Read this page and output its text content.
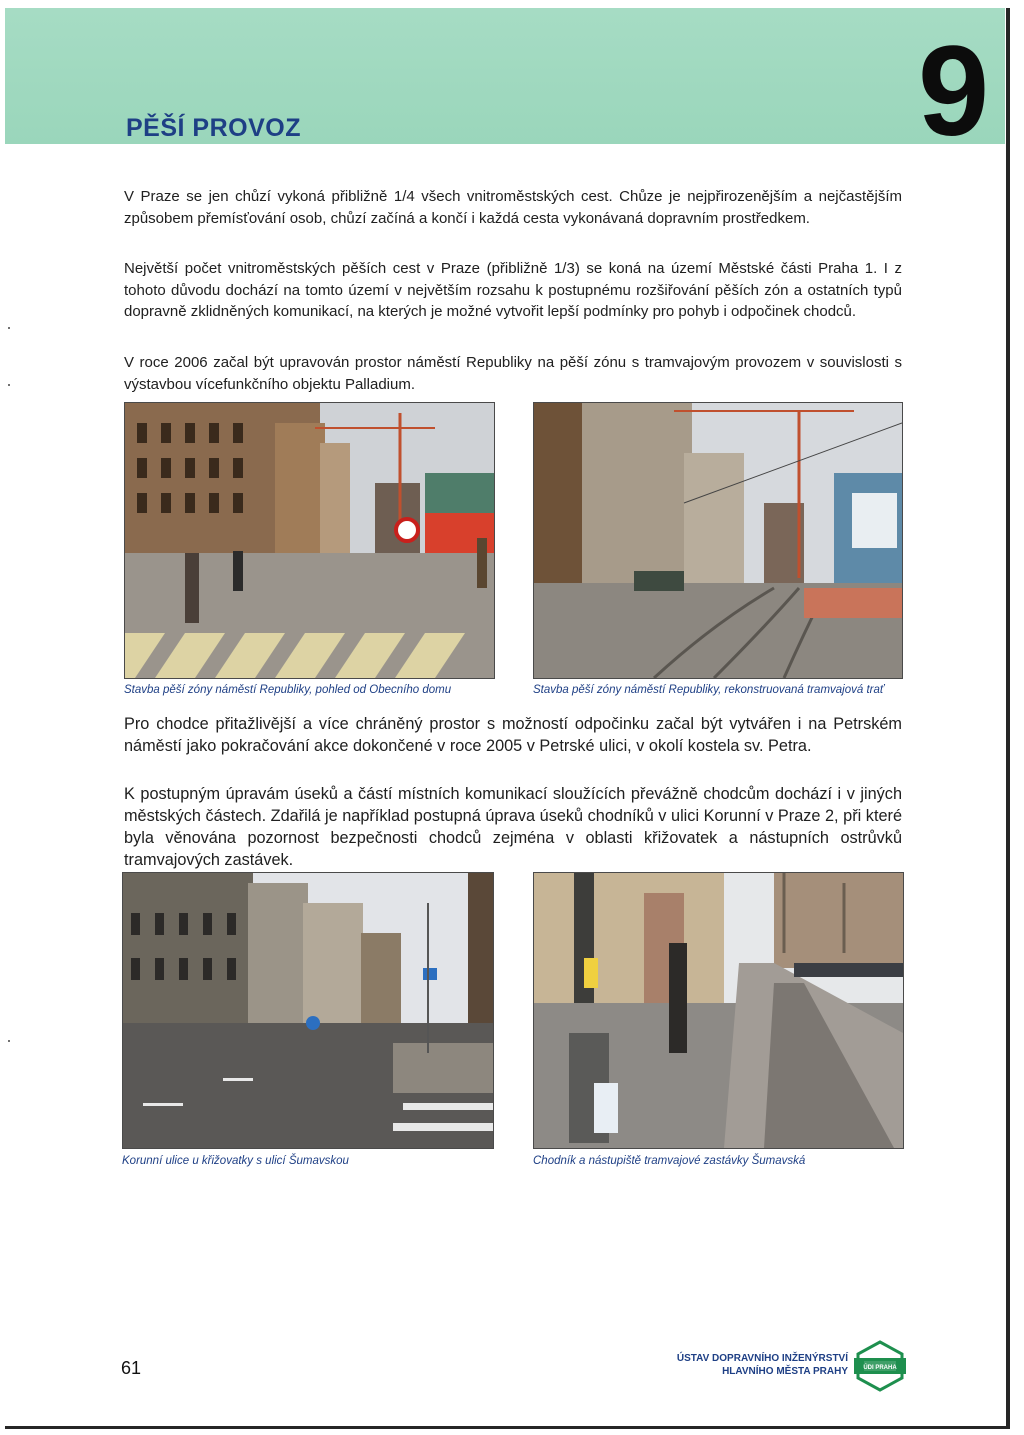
PĚŠÍ PROVOZ	9

V Praze se jen chůzí vykoná přibližně 1/4 všech vnitroměstských cest. Chůze je nejpřirozenějším a nejčastějším způsobem přemísťování osob, chůzí začíná a končí i každá cesta vykonávaná dopravním prostředkem.

Největší počet vnitroměstských pěších cest v Praze (přibližně 1/3) se koná na území Městské části Praha 1. I z tohoto důvodu dochází na tomto území v největším rozsahu k postupnému rozšiřování pěších zón a ostatních typů dopravně zklidněných komunikací, na kterých je možné vytvořit lepší podmínky pro pohyb i odpočinek chodců.

V roce 2006 začal být upravován prostor náměstí Republiky na pěší zónu s tramvajovým provozem v souvislosti s výstavbou vícefunkčního objektu Palladium.

Stavba pěší zóny náměstí Republiky, pohled od Obecního domu	Stavba pěší zóny náměstí Republiky, rekonstruovaná tramvajová trať

Pro chodce přitažlivější a více chráněný prostor s možností odpočinku začal být vytvářen i na Petrském náměstí jako pokračování akce dokončené v roce 2005 v Petrské ulici, v okolí kostela sv. Petra.

K postupným úpravám úseků a částí místních komunikací sloužících převážně chodcům dochází i v jiných městských částech. Zdařilá je například postupná úprava úseků chodníků v ulici Korunní v Praze 2, při které byla věnována pozornost bezpečnosti chodců zejména v oblasti křižovatek a nástupních ostrůvků tramvajových zastávek.

Korunní ulice u křižovatky s ulicí Šumavskou	Chodník a nástupiště tramvajové zastávky Šumavská
61	ÚSTAV DOPRAVNÍHO INŽENÝRSTVÍ
HLAVNÍHO MĚSTA PRAHY	ÚDI PRAHA
